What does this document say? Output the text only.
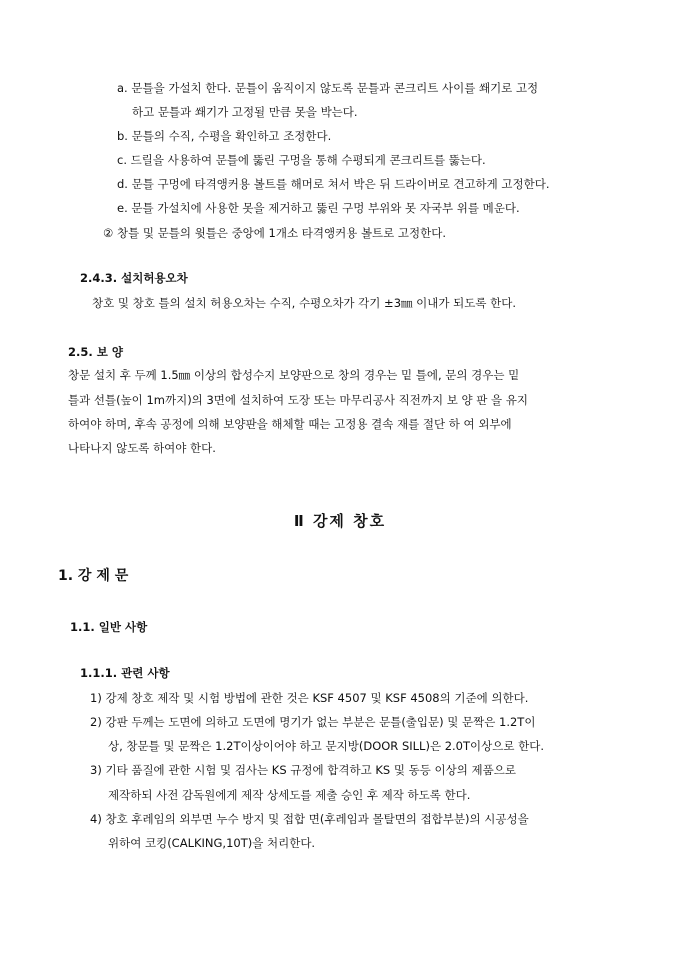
a. 문틀을 가설치 한다. 문틀이 움직이지 않도록 문틀과 콘크리트 사이를 쐐기로 고정
하고 문틀과 쐐기가 고정될 만큼 못을 박는다.
b. 문틀의 수직, 수평을 확인하고 조정한다.
c. 드릴을 사용하여 문틀에 뚫린 구멍을 통해 수평되게 콘크리트를 뚫는다.
d. 문틀 구멍에 타격앵커용 볼트를 해머로 쳐서 박은 뒤 드라이버로 견고하게 고정한다.
e. 문틀 가설치에 사용한 못을 제거하고 뚫린 구멍 부위와 못 자국부 위를 메운다.
② 창틀 및 문틀의 윗틀은 중앙에 1개소 타격앵커용 볼트로 고정한다.
2.4.3. 설치허용오차
창호 및 창호 틀의 설치 허용오차는 수직, 수평오차가 각기 ±3㎜ 이내가 되도록 한다.
2.5. 보 양
창문 설치 후 두께 1.5㎜ 이상의 합성수지 보양판으로 창의 경우는 밑 틀에, 문의 경우는 밑
틀과 선틀(높이 1m까지)의 3면에 설치하여 도장 또는 마무리공사 직전까지 보 양 판 을 유지
하여야 하며, 후속 공정에 의해 보양판을 해체할 때는 고정용 결속 재를 절단 하 여 외부에
나타나지 않도록 하여야 한다.
Ⅱ 강제 창호
1. 강 제 문
1.1. 일반 사항
1.1.1. 관련 사항
1) 강제 창호 제작 및 시험 방법에 관한 것은 KSF 4507 및 KSF 4508의 기준에 의한다.
2) 강판 두께는 도면에 의하고 도면에 명기가 없는 부분은 문틀(출입문) 및 문짝은 1.2T이
상, 창문틀 및 문짝은 1.2T이상이어야 하고 문지방(DOOR SILL)은 2.0T이상으로 한다.
3) 기타 품질에 관한 시험 및 검사는 KS 규정에 합격하고 KS 및 동등 이상의 제품으로
제작하되 사전 감독원에게 제작 상세도를 제출 승인 후 제작 하도록 한다.
4) 창호 후레임의 외부면 누수 방지 및 접합 면(후레임과 몰탈면의 접합부분)의 시공성을
위하여 코킹(CALKING,10T)을 처리한다.
